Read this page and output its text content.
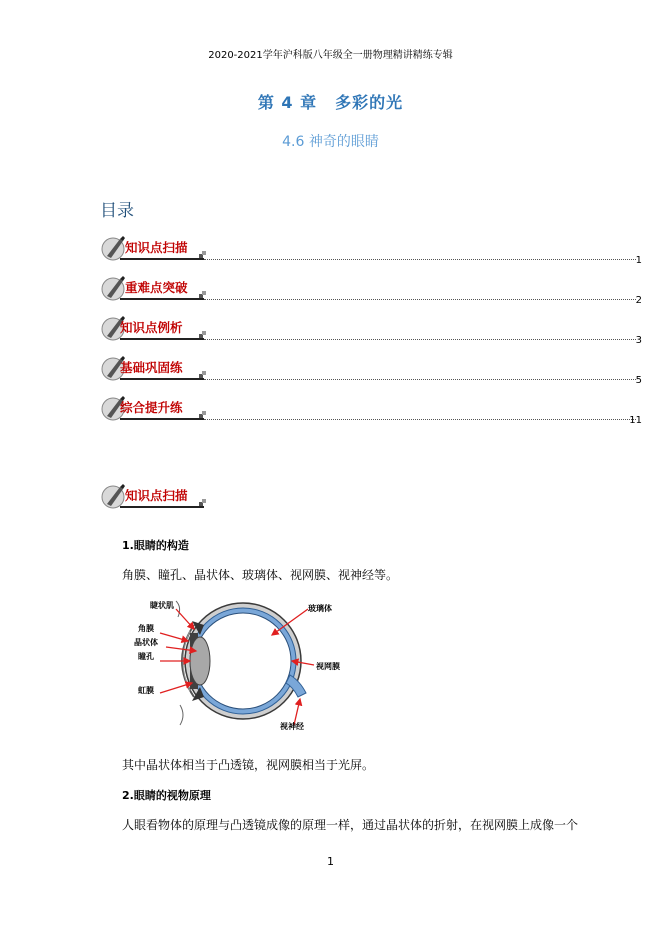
2020-2021学年沪科版八年级全一册物理精讲精练专辑
第 4 章 多彩的光
4.6 神奇的眼睛
目录
知识点扫描
1
重难点突破
2
知识点例析
3
基础巩固练
5
综合提升练
11
知识点扫描
1.眼睛的构造
角膜、瞳孔、晶状体、玻璃体、视网膜、视神经等。
睫状肌
角膜
晶状体
瞳孔
虹膜
玻璃体
视网膜
视神经
其中晶状体相当于凸透镜，视网膜相当于光屏。
2.眼睛的视物原理
人眼看物体的原理与凸透镜成像的原理一样，通过晶状体的折射，在视网膜上成像一个
1
